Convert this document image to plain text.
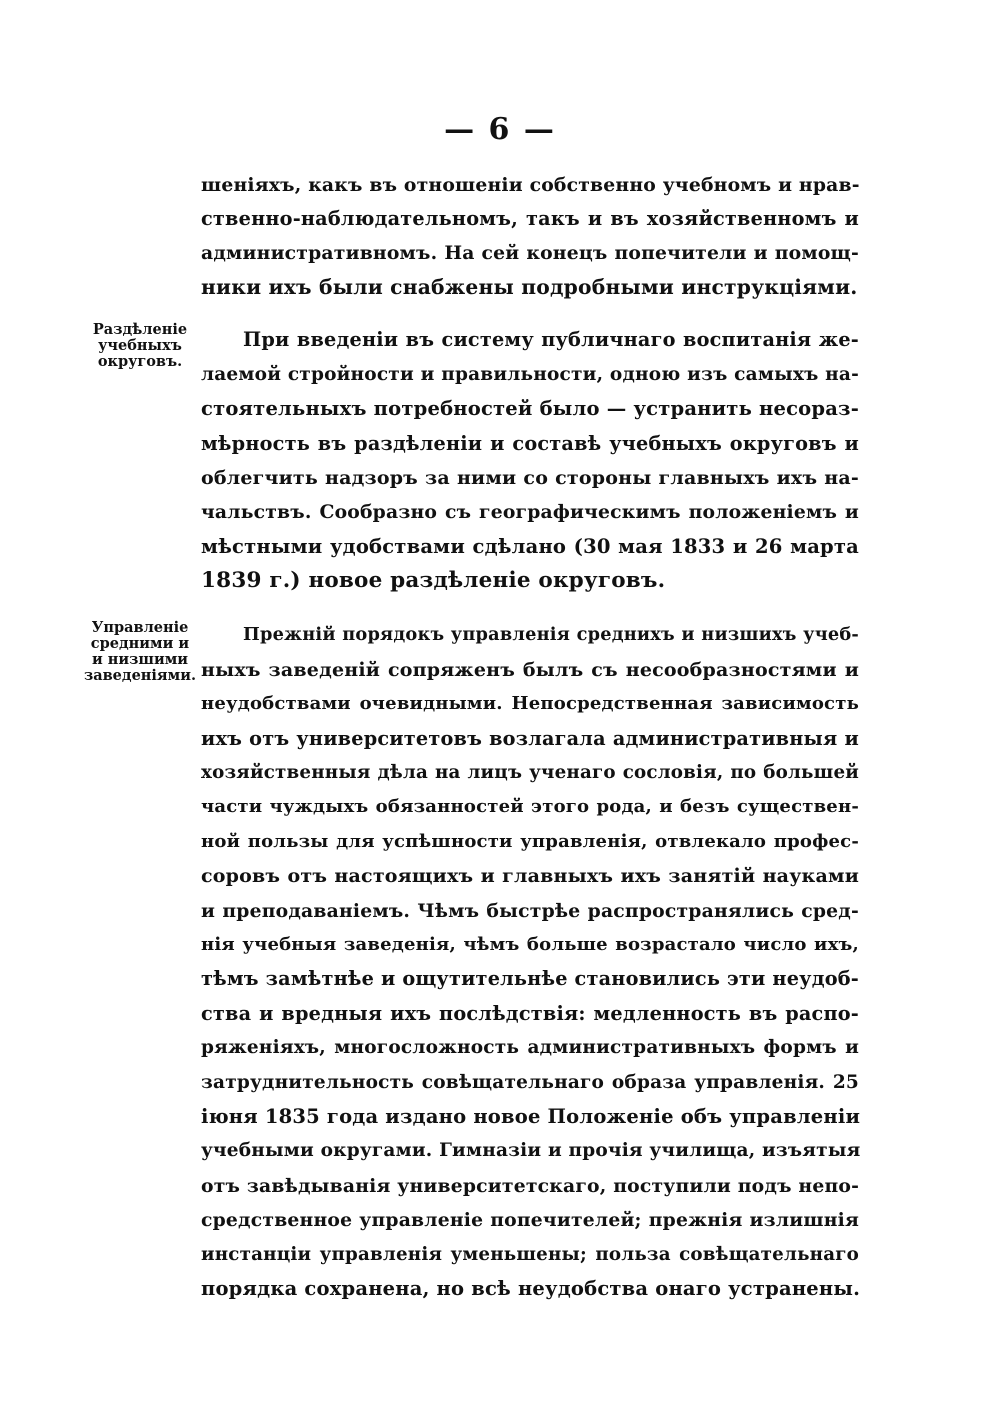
— 6 —
шеніяхъ, какъ въ отношеніи собственно учебномъ и нрав-
ственно-наблюдательномъ, такъ и въ хозяйственномъ и
административномъ. На сей конецъ попечители и помощ-
ники ихъ были снабжены подробными инструкціями.
Раздѣленіе
учебныхъ
округовъ.
При введеніи въ систему публичнаго воспитанія же-
лаемой стройности и правильности, одною изъ самыхъ на-
стоятельныхъ потребностей было — устранить несораз-
мѣрность въ раздѣленіи и составѣ учебныхъ округовъ и
облегчить надзоръ за ними со стороны главныхъ ихъ на-
чальствъ. Сообразно съ географическимъ положеніемъ и
мѣстными удобствами сдѣлано (30 мая 1833 и 26 марта
1839 г.) новое раздѣленіе округовъ.
Управленіе
средними и
и низшими
заведеніями.
Прежній порядокъ управленія среднихъ и низшихъ учеб-
ныхъ заведеній сопряженъ былъ съ несообразностями и
неудобствами очевидными. Непосредственная зависимость
ихъ отъ университетовъ возлагала административныя и
хозяйственныя дѣла на лицъ ученаго сословія, по большей
части чуждыхъ обязанностей этого рода, и безъ существен-
ной пользы для успѣшности управленія, отвлекало профес-
соровъ отъ настоящихъ и главныхъ ихъ занятій науками
и преподаваніемъ. Чѣмъ быстрѣе распространялись сред-
нія учебныя заведенія, чѣмъ больше возрастало число ихъ,
тѣмъ замѣтнѣе и ощутительнѣе становились эти неудоб-
ства и вредныя ихъ послѣдствія: медленность въ распо-
ряженіяхъ, многосложность административныхъ формъ и
затруднительность совѣщательнаго образа управленія. 25
іюня 1835 года издано новое Положеніе объ управленіи
учебными округами. Гимназіи и прочія училища, изъятыя
отъ завѣдыванія университетскаго, поступили подъ непо-
средственное управленіе попечителей; прежнія излишнія
инстанціи управленія уменьшены; польза совѣщательнаго
порядка сохранена, но всѣ неудобства онаго устранены.
